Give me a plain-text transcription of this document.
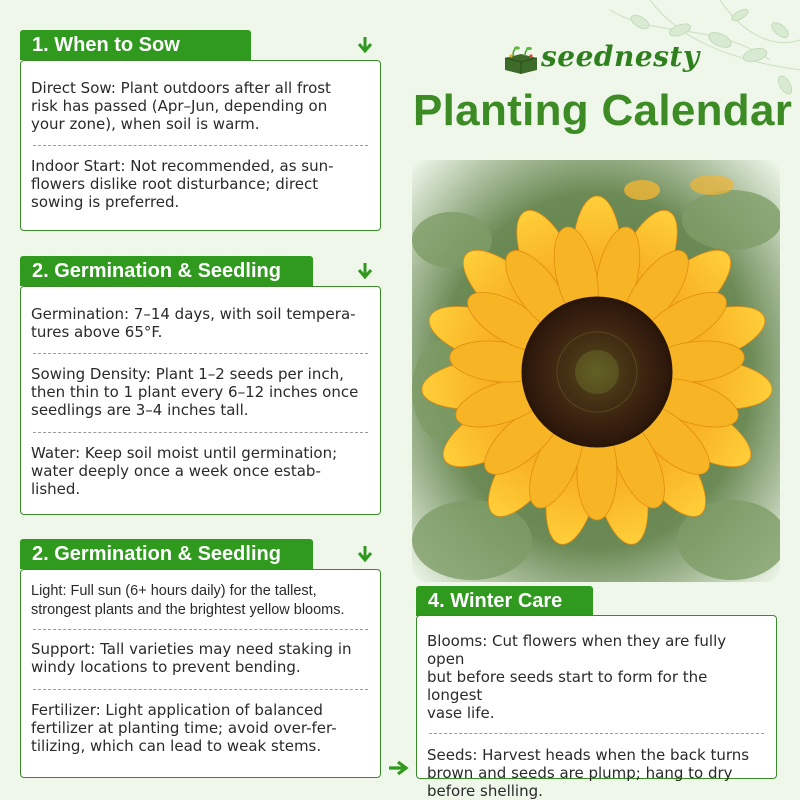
1. When to Sow

Direct Sow: Plant outdoors after all frost
risk has passed (Apr–Jun, depending on
your zone), when soil is warm.

Indoor Start: Not recommended, as sun-
flowers dislike root disturbance; direct
sowing is preferred.

2. Germination & Seedling

Germination: 7–14 days, with soil tempera-
tures above 65°F.

Sowing Density: Plant 1–2 seeds per inch,
then thin to 1 plant every 6–12 inches once
seedlings are 3–4 inches tall.

Water: Keep soil moist until germination;
water deeply once a week once estab-
lished.

2. Germination & Seedling

Light: Full sun (6+ hours daily) for the tallest,
strongest plants and the brightest yellow blooms.

Support: Tall varieties may need staking in
windy locations to prevent bending.

Fertilizer: Light application of balanced
fertilizer at planting time; avoid over-fer-
tilizing, which can lead to weak stems.

seednesty
Planting Calendar
4. Winter Care

Blooms: Cut flowers when they are fully open
but before seeds start to form for the longest
vase life.

Seeds: Harvest heads when the back turns
brown and seeds are plump; hang to dry
before shelling.
